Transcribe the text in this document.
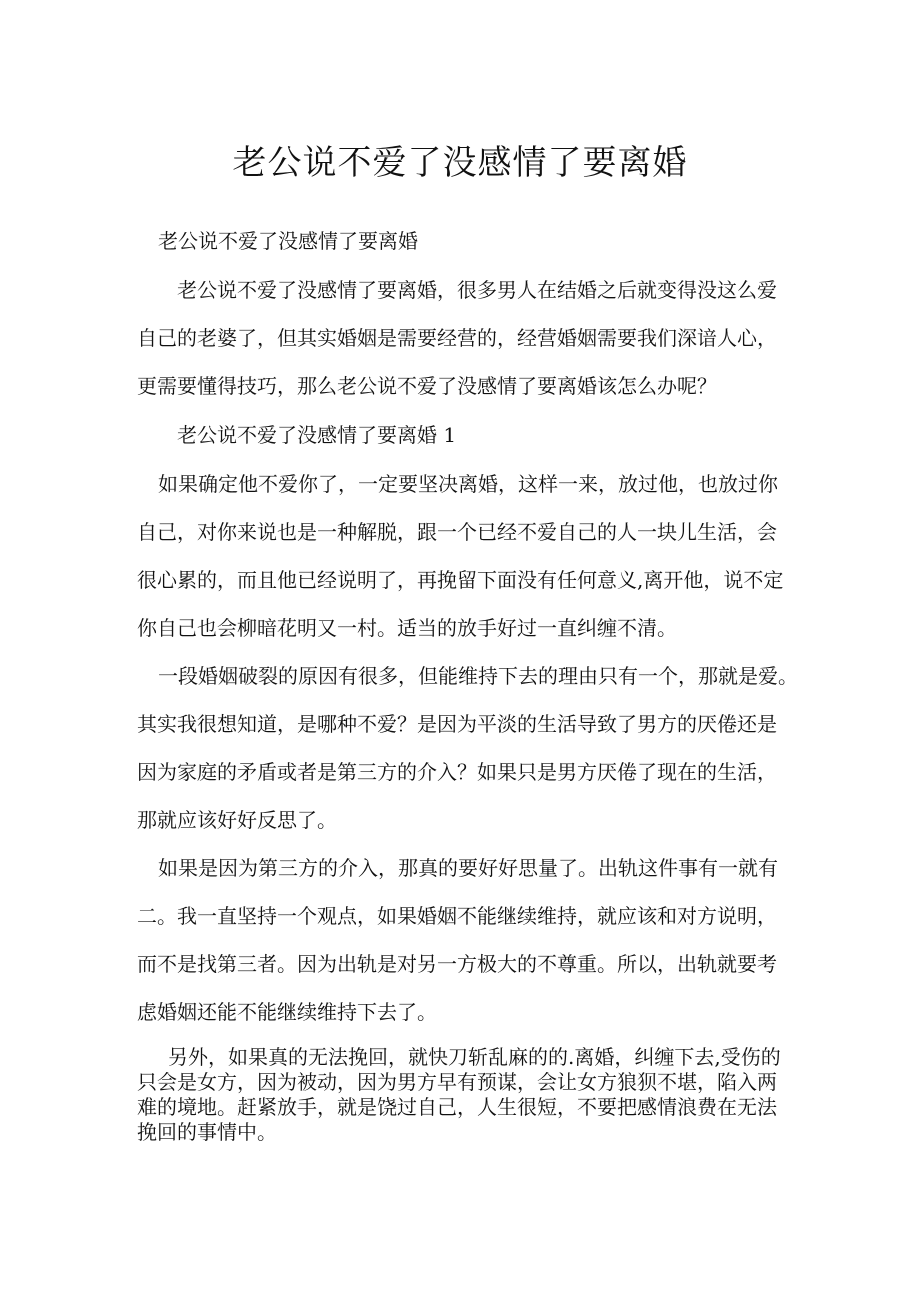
老公说不爱了没感情了要离婚

老公说不爱了没感情了要离婚

老公说不爱了没感情了要离婚，很多男人在结婚之后就变得没这么爱
自己的老婆了，但其实婚姻是需要经营的，经营婚姻需要我们深谙人心，
更需要懂得技巧，那么老公说不爱了没感情了要离婚该怎么办呢？
老公说不爱了没感情了要离婚 1
如果确定他不爱你了，一定要坚决离婚，这样一来，放过他，也放过你
自己，对你来说也是一种解脱，跟一个已经不爱自己的人一块儿生活，会
很心累的，而且他已经说明了，再挽留下面没有任何意义,离开他，说不定
你自己也会柳暗花明又一村。适当的放手好过一直纠缠不清。
一段婚姻破裂的原因有很多，但能维持下去的理由只有一个，那就是爱。
其实我很想知道，是哪种不爱？是因为平淡的生活导致了男方的厌倦还是
因为家庭的矛盾或者是第三方的介入？如果只是男方厌倦了现在的生活，
那就应该好好反思了。
如果是因为第三方的介入，那真的要好好思量了。出轨这件事有一就有
二。我一直坚持一个观点，如果婚姻不能继续维持，就应该和对方说明，
而不是找第三者。因为出轨是对另一方极大的不尊重。所以，出轨就要考
虑婚姻还能不能继续维持下去了。
另外，如果真的无法挽回，就快刀斩乱麻的的.离婚，纠缠下去,受伤的
只会是女方，因为被动，因为男方早有预谋，会让女方狼狈不堪，陷入两
难的境地。赶紧放手，就是饶过自己，人生很短，不要把感情浪费在无法
挽回的事情中。
